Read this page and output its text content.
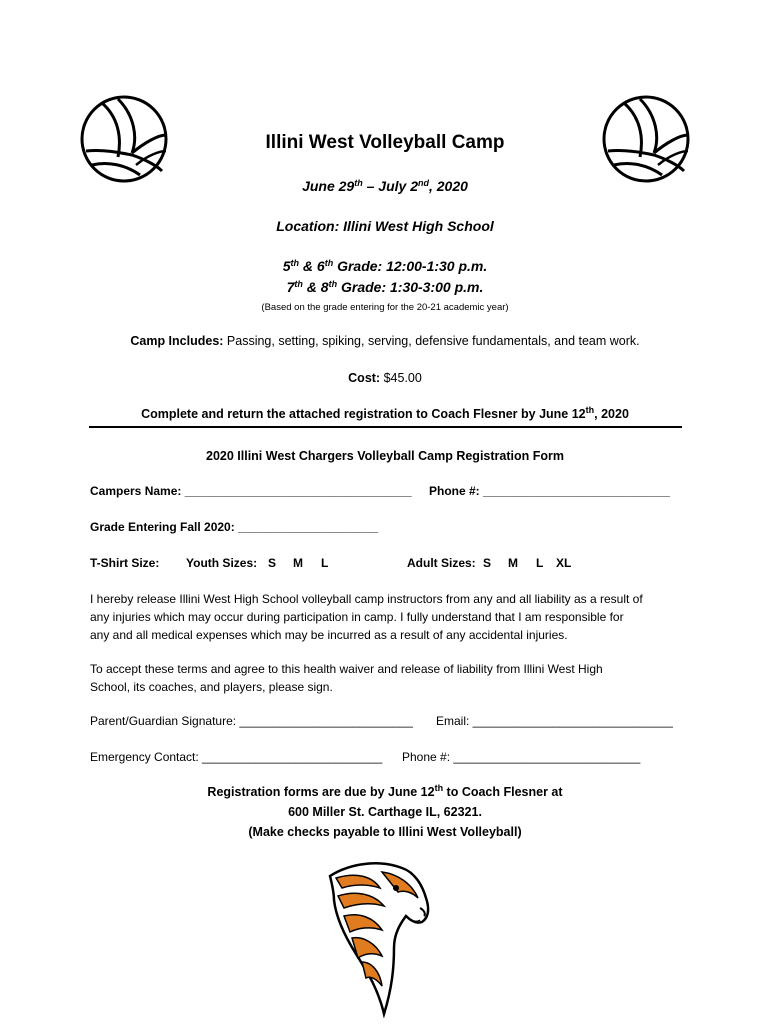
Illini West Volleyball Camp
June 29th – July 2nd, 2020
Location: Illini West High School
5th & 6th Grade: 12:00-1:30 p.m.
7th & 8th Grade: 1:30-3:00 p.m.
(Based on the grade entering for the 20-21 academic year)
Camp Includes: Passing, setting, spiking, serving, defensive fundamentals, and team work.
Cost: $45.00
Complete and return the attached registration to Coach Flesner by June 12th, 2020
2020 Illini West Chargers Volleyball Camp Registration Form
Campers Name: __________________________________ Phone #: ____________________________
Grade Entering Fall 2020: _____________________
T-Shirt Size: Youth Sizes: S M L	Adult Sizes: S M L XL
I hereby release Illini West High School volleyball camp instructors from any and all liability as a result of
any injuries which may occur during participation in camp. I fully understand that I am responsible for
any and all medical expenses which may be incurred as a result of any accidental injuries.
To accept these terms and agree to this health waiver and release of liability from Illini West High
School, its coaches, and players, please sign.
Parent/Guardian Signature: __________________________ Email: ______________________________
Emergency Contact: ___________________________ Phone #: ____________________________
Registration forms are due by June 12th to Coach Flesner at
600 Miller St. Carthage IL, 62321.
(Make checks payable to Illini West Volleyball)
